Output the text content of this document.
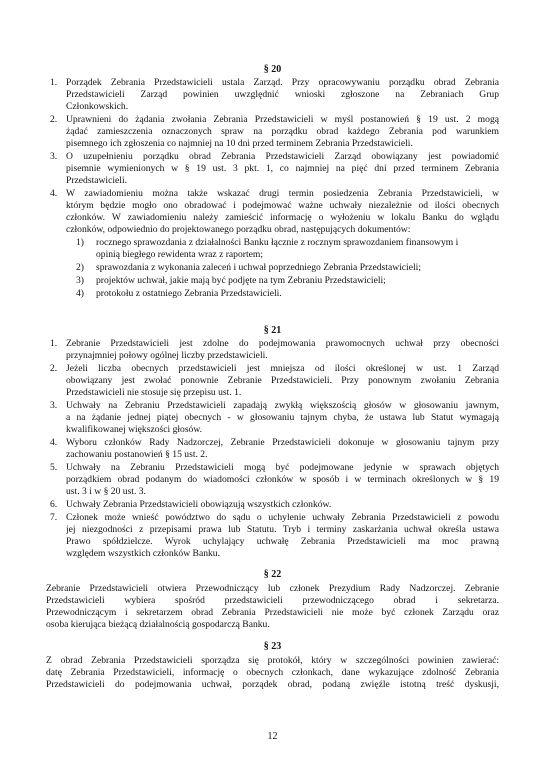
§ 20
1. Porządek Zebrania Przedstawicieli ustala Zarząd. Przy opracowywaniu porządku obrad Zebrania
Przedstawicieli Zarząd powinien uwzględnić wnioski zgłoszone na Zebraniach Grup
Członkowskich.
2. Uprawnieni do żądania zwołania Zebrania Przedstawicieli w myśl postanowień § 19 ust. 2 mogą
żądać zamieszczenia oznaczonych spraw na porządku obrad każdego Zebrania pod warunkiem
pisemnego ich zgłoszenia co najmniej na 10 dni przed terminem Zebrania Przedstawicieli.
3. O uzupełnieniu porządku obrad Zebrania Przedstawicieli Zarząd obowiązany jest powiadomić
pisemnie wymienionych w § 19 ust. 3 pkt. 1, co najmniej na pięć dni przed terminem Zebrania
Przedstawicieli.
4. W zawiadomieniu można także wskazać drugi termin posiedzenia Zebrania Przedstawicieli, w
którym będzie mogło ono obradować i podejmować ważne uchwały niezależnie od ilości obecnych
członków. W zawiadomieniu należy zamieścić informację o wyłożeniu w lokalu Banku do wglądu
członków, odpowiednio do projektowanego porządku obrad, następujących dokumentów:
1) rocznego sprawozdania z działalności Banku łącznie z rocznym sprawozdaniem finansowym i
opinią biegłego rewidenta wraz z raportem;
2) sprawozdania z wykonania zaleceń i uchwał poprzedniego Zebrania Przedstawicieli;
3) projektów uchwał, jakie mają być podjęte na tym Zebraniu Przedstawicieli;
4) protokołu z ostatniego Zebrania Przedstawicieli.
§ 21
1. Zebranie Przedstawicieli jest zdolne do podejmowania prawomocnych uchwał przy obecności
przynajmniej połowy ogólnej liczby przedstawicieli.
2. Jeżeli liczba obecnych przedstawicieli jest mniejsza od ilości określonej w ust. 1 Zarząd
obowiązany jest zwołać ponownie Zebranie Przedstawicieli. Przy ponownym zwołaniu Zebrania
Przedstawicieli nie stosuje się przepisu ust. 1.
3. Uchwały na Zebraniu Przedstawicieli zapadają zwykłą większością głosów w głosowaniu jawnym,
a na żądanie jednej piątej obecnych - w głosowaniu tajnym chyba, że ustawa lub Statut wymagają
kwalifikowanej większości głosów.
4. Wyboru członków Rady Nadzorczej, Zebranie Przedstawicieli dokonuje w głosowaniu tajnym przy
zachowaniu postanowień § 15 ust. 2.
5. Uchwały na Zebraniu Przedstawicieli mogą być podejmowane jedynie w sprawach objętych
porządkiem obrad podanym do wiadomości członków w sposób i w terminach określonych w § 19
ust. 3 i w § 20 ust. 3.
6. Uchwały Zebrania Przedstawicieli obowiązują wszystkich członków.
7. Członek może wnieść powództwo do sądu o uchylenie uchwały Zebrania Przedstawicieli z powodu
jej niezgodności z przepisami prawa lub Statutu. Tryb i terminy zaskarżania uchwał określa ustawa
Prawo spółdzielcze. Wyrok uchylający uchwałę Zebrania Przedstawicieli ma moc prawną
względem wszystkich członków Banku.
§ 22
Zebranie Przedstawicieli otwiera Przewodniczący lub członek Prezydium Rady Nadzorczej. Zebranie
Przedstawicieli wybiera spośród przedstawicieli przewodniczącego obrad i sekretarza.
Przewodniczącym i sekretarzem obrad Zebrania Przedstawicieli nie może być członek Zarządu oraz
osoba kierująca bieżącą działalnością gospodarczą Banku.
§ 23
Z obrad Zebrania Przedstawicieli sporządza się protokół, który w szczególności powinien zawierać:
datę Zebrania Przedstawicieli, informację o obecnych członkach, dane wykazujące zdolność Zebrania
Przedstawicieli do podejmowania uchwał, porządek obrad, podaną zwięźle istotną treść dyskusji,
12
